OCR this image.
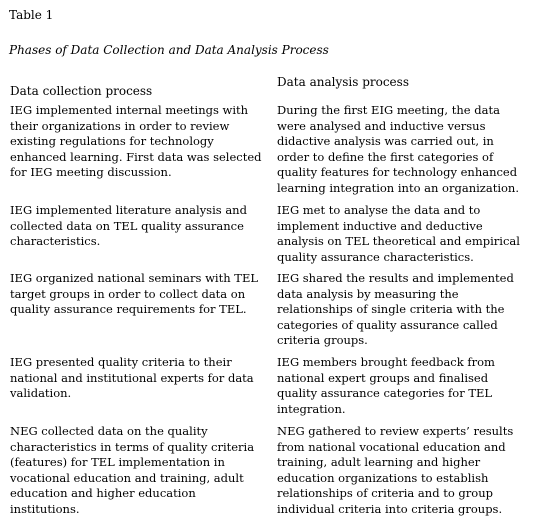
Table 1
Phases of Data Collection and Data Analysis Process
Data collection process
Data analysis process
IEG implemented internal meetings with
their organizations in order to review
existing regulations for technology
enhanced learning. First data was selected
for IEG meeting discussion.
During the first EIG meeting, the data
were analysed and inductive versus
didactive analysis was carried out, in
order to define the first categories of
quality features for technology enhanced
learning integration into an organization.
IEG implemented literature analysis and
collected data on TEL quality assurance
characteristics.
IEG met to analyse the data and to
implement inductive and deductive
analysis on TEL theoretical and empirical
quality assurance characteristics.
IEG organized national seminars with TEL
target groups in order to collect data on
quality assurance requirements for TEL.
IEG shared the results and implemented
data analysis by measuring the
relationships of single criteria with the
categories of quality assurance called
criteria groups.
IEG presented quality criteria to their
national and institutional experts for data
validation.
IEG members brought feedback from
national expert groups and finalised
quality assurance categories for TEL
integration.
NEG collected data on the quality
characteristics in terms of quality criteria
(features) for TEL implementation in
vocational education and training, adult
education and higher education
institutions.
NEG gathered to review experts’ results
from national vocational education and
training, adult learning and higher
education organizations to establish
relationships of criteria and to group
individual criteria into criteria groups.
